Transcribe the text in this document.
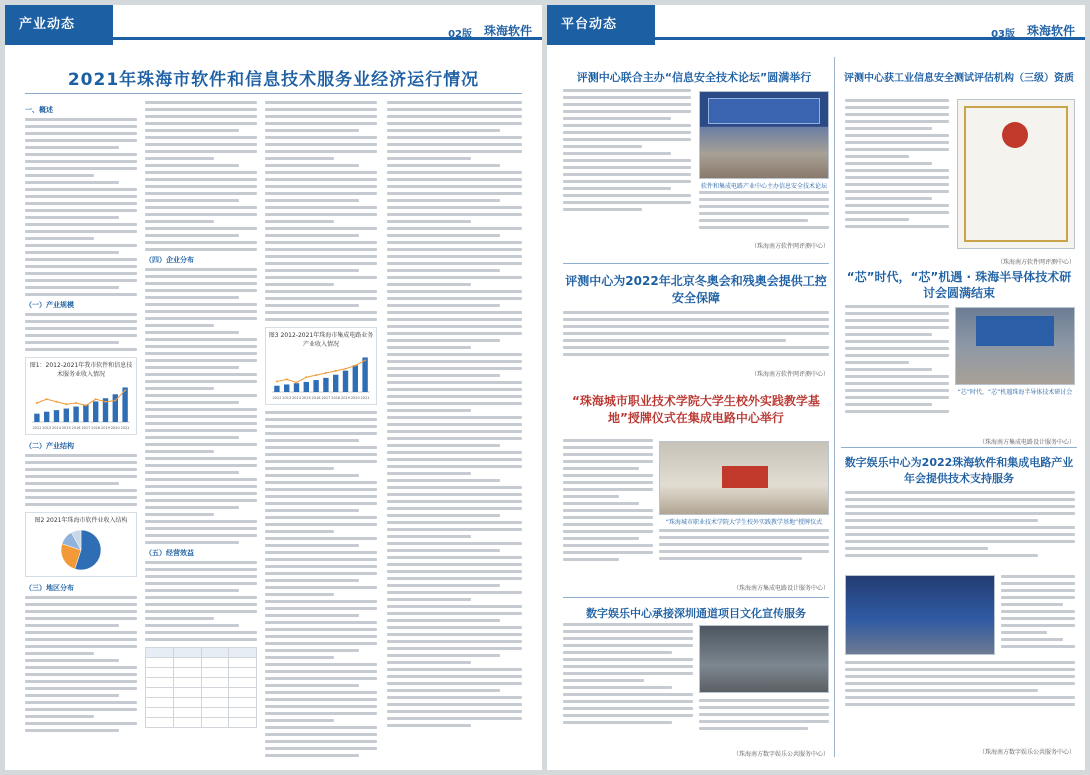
产业动态
02版 珠海软件
2021年珠海市软件和信息技术服务业经济运行情况
一、概述
（一）产业规模
图1：2012-2021年我市软件和信息技术服务业收入情况
2012 2013 2014 2015 2016 2017 2018 2019 2020 2021
（二）产业结构
图2 2021年珠海市软件业收入结构
（三）地区分布
（四）企业分布
（五）经营效益

图3 2012-2021年珠海市集成电路业务产业收入情况
2012 2013 2014 2015 2016 2017 2018 2019 2020 2021
平台动态
03版 珠海软件
评测中心联合主办“信息安全技术论坛”圆满举行
软件和集成电路产业中心主办信息安全技术论坛
（珠海南方软件网评测中心）
评测中心获工业信息安全测试评估机构（三级）资质
（珠海南方软件网评测中心）
评测中心为2022年北京冬奥会和残奥会提供工控安全保障
（珠海南方软件网评测中心）
“芯”时代，“芯”机遇 · 珠海半导体技术研讨会圆满结束
“芯”时代，“芯”机遇珠海半导体技术研讨会
（珠海南方集成电路设计服务中心）
“珠海城市职业技术学院大学生校外实践教学基地”授牌仪式在集成电路中心举行
“珠海城市职业技术学院大学生校外实践教学基地”授牌仪式
（珠海南方集成电路设计服务中心）
数字娱乐中心为2022珠海软件和集成电路产业年会提供技术支持服务
（珠海南方数字娱乐公共服务中心）
数字娱乐中心承接深圳通道项目文化宣传服务
（珠海南方数字娱乐公共服务中心）
